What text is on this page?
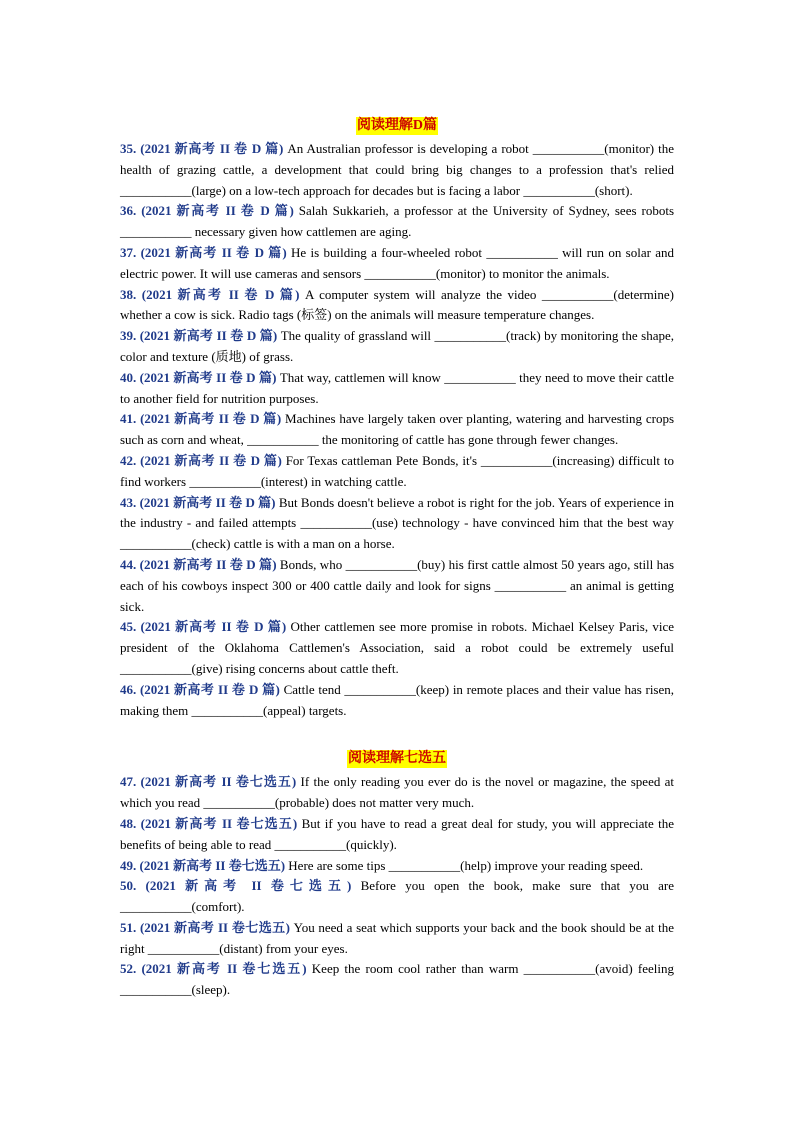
阅读理解D篇
35. (2021 新高考 II 卷 D 篇) An Australian professor is developing a robot ___________(monitor) the health of grazing cattle, a development that could bring big changes to a profession that's relied ___________(large) on a low-tech approach for decades but is facing a labor ___________(short).
36. (2021 新高考 II 卷 D 篇) Salah Sukkarieh, a professor at the University of Sydney, sees robots ___________ necessary given how cattlemen are aging.
37. (2021 新高考 II 卷 D 篇) He is building a four-wheeled robot ___________ will run on solar and electric power. It will use cameras and sensors ___________(monitor) to monitor the animals.
38. (2021 新高考 II 卷 D 篇) A computer system will analyze the video ___________(determine) whether a cow is sick. Radio tags (标签) on the animals will measure temperature changes.
39. (2021 新高考 II 卷 D 篇) The quality of grassland will ___________(track) by monitoring the shape, color and texture (质地) of grass.
40. (2021 新高考 II 卷 D 篇) That way, cattlemen will know ___________ they need to move their cattle to another field for nutrition purposes.
41. (2021 新高考 II 卷 D 篇) Machines have largely taken over planting, watering and harvesting crops such as corn and wheat, ___________ the monitoring of cattle has gone through fewer changes.
42. (2021 新高考 II 卷 D 篇) For Texas cattleman Pete Bonds, it's ___________(increasing) difficult to find workers ___________(interest) in watching cattle.
43. (2021 新高考 II 卷 D 篇) But Bonds doesn't believe a robot is right for the job. Years of experience in the industry - and failed attempts ___________(use) technology - have convinced him that the best way ___________(check) cattle is with a man on a horse.
44. (2021 新高考 II 卷 D 篇) Bonds, who ___________(buy) his first cattle almost 50 years ago, still has each of his cowboys inspect 300 or 400 cattle daily and look for signs ___________ an animal is getting sick.
45. (2021 新高考 II 卷 D 篇) Other cattlemen see more promise in robots. Michael Kelsey Paris, vice president of the Oklahoma Cattlemen's Association, said a robot could be extremely useful ___________(give) rising concerns about cattle theft.
46. (2021 新高考 II 卷 D 篇) Cattle tend ___________(keep) in remote places and their value has risen, making them ___________(appeal) targets.
阅读理解七选五
47. (2021 新高考 II 卷七选五) If the only reading you ever do is the novel or magazine, the speed at which you read ___________(probable) does not matter very much.
48. (2021 新高考 II 卷七选五) But if you have to read a great deal for study, you will appreciate the benefits of being able to read ___________(quickly).
49. (2021 新高考 II 卷七选五) Here are some tips ___________(help) improve your reading speed.
50. (2021 新高考 II 卷七选五) Before you open the book, make sure that you are ___________(comfort).
51. (2021 新高考 II 卷七选五) You need a seat which supports your back and the book should be at the right ___________(distant) from your eyes.
52. (2021 新高考 II 卷七选五) Keep the room cool rather than warm ___________(avoid) feeling ___________(sleep).
